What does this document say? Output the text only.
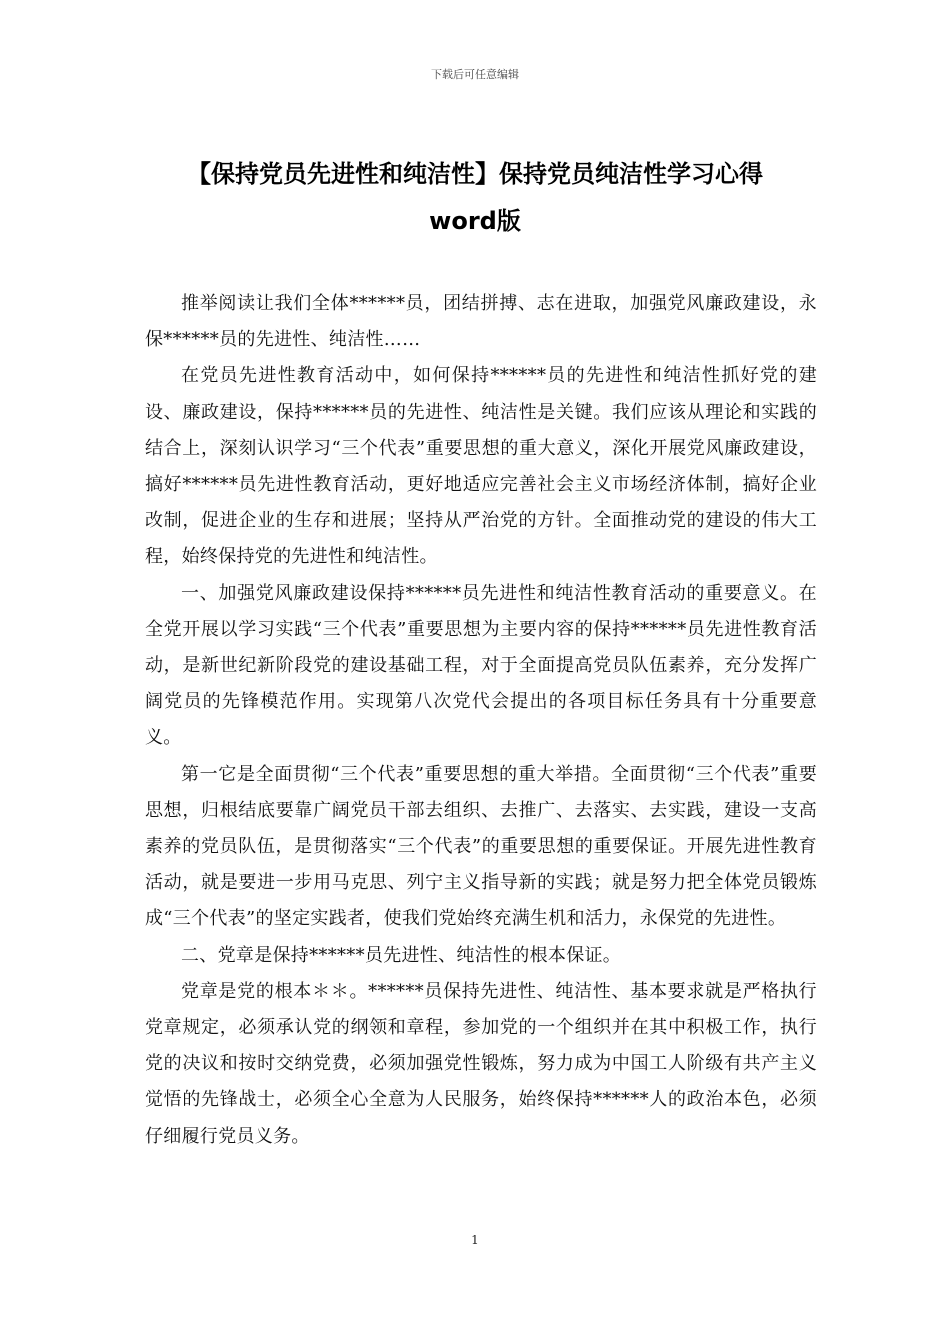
下载后可任意编辑
【保持党员先进性和纯洁性】保持党员纯洁性学习心得
word版

推举阅读让我们全体******员，团结拼搏、志在进取，加强党风廉政建设，永保******员的先进性、纯洁性……

在党员先进性教育活动中，如何保持******员的先进性和纯洁性抓好党的建设、廉政建设，保持******员的先进性、纯洁性是关键。我们应该从理论和实践的结合上，深刻认识学习“三个代表”重要思想的重大意义，深化开展党风廉政建设，搞好******员先进性教育活动，更好地适应完善社会主义市场经济体制，搞好企业改制，促进企业的生存和进展；坚持从严治党的方针。全面推动党的建设的伟大工程，始终保持党的先进性和纯洁性。

一、加强党风廉政建设保持******员先进性和纯洁性教育活动的重要意义。在全党开展以学习实践“三个代表”重要思想为主要内容的保持******员先进性教育活动，是新世纪新阶段党的建设基础工程，对于全面提高党员队伍素养，充分发挥广阔党员的先锋模范作用。实现第八次党代会提出的各项目标任务具有十分重要意义。

第一它是全面贯彻“三个代表”重要思想的重大举措。全面贯彻“三个代表”重要思想，归根结底要靠广阔党员干部去组织、去推广、去落实、去实践，建设一支高素养的党员队伍，是贯彻落实“三个代表”的重要思想的重要保证。开展先进性教育活动，就是要进一步用马克思、列宁主义指导新的实践；就是努力把全体党员锻炼成“三个代表”的坚定实践者，使我们党始终充满生机和活力，永保党的先进性。

二、党章是保持******员先进性、纯洁性的根本保证。

党章是党的根本＊＊。******员保持先进性、纯洁性、基本要求就是严格执行党章规定，必须承认党的纲领和章程，参加党的一个组织并在其中积极工作，执行党的决议和按时交纳党费，必须加强党性锻炼，努力成为中国工人阶级有共产主义觉悟的先锋战士，必须全心全意为人民服务，始终保持******人的政治本色，必须仔细履行党员义务。

1
